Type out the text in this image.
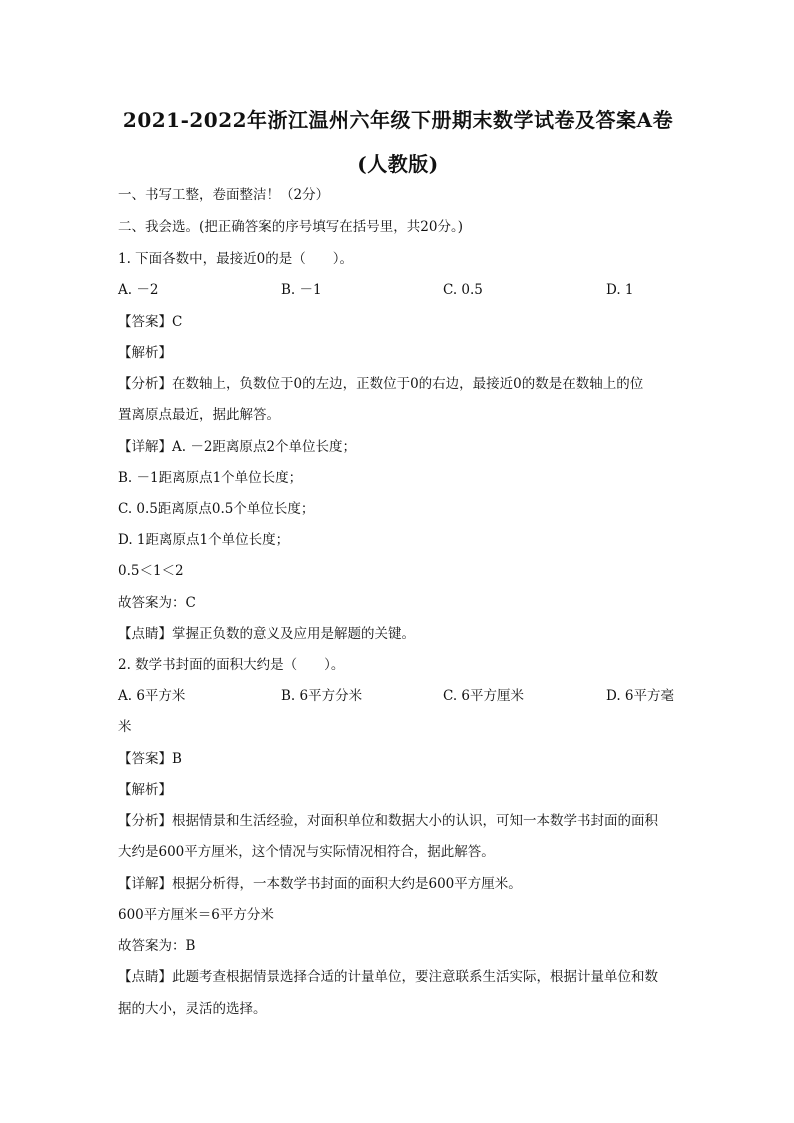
2021-2022年浙江温州六年级下册期末数学试卷及答案A卷
(人教版)
一、书写工整，卷面整洁！（2分）
二、我会选。(把正确答案的序号填写在括号里，共20分。)
1. 下面各数中，最接近0的是（　　）。
A. －2	B. －1	C. 0.5	D. 1
【答案】C
【解析】
【分析】在数轴上，负数位于0的左边，正数位于0的右边，最接近0的数是在数轴上的位
置离原点最近，据此解答。
【详解】A. －2距离原点2个单位长度；
B. －1距离原点1个单位长度；
C. 0.5距离原点0.5个单位长度；
D. 1距离原点1个单位长度；
0.5＜1＜2
故答案为：C
【点睛】掌握正负数的意义及应用是解题的关键。
2. 数学书封面的面积大约是（　　）。
A. 6平方米	B. 6平方分米	C. 6平方厘米	D. 6平方毫
米
【答案】B
【解析】
【分析】根据情景和生活经验，对面积单位和数据大小的认识，可知一本数学书封面的面积
大约是600平方厘米，这个情况与实际情况相符合，据此解答。
【详解】根据分析得，一本数学书封面的面积大约是600平方厘米。
600平方厘米＝6平方分米
故答案为：B
【点睛】此题考查根据情景选择合适的计量单位，要注意联系生活实际，根据计量单位和数
据的大小，灵活的选择。
